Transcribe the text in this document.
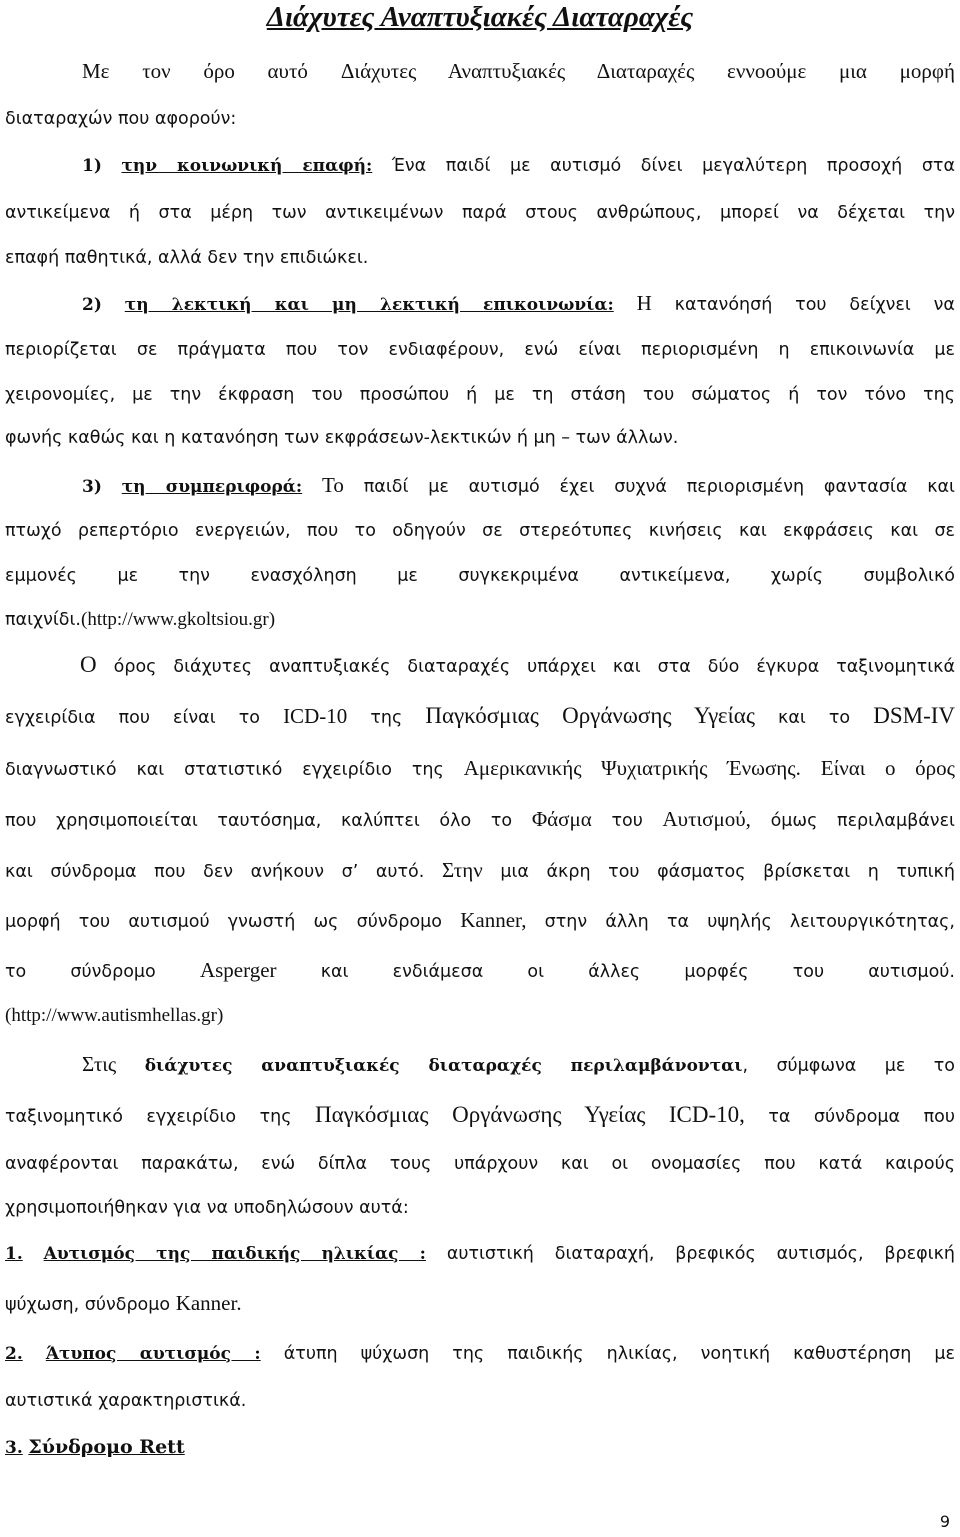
Διάχυτες Αναπτυξιακές Διαταραχές
Με τον όρο αυτό Διάχυτες Αναπτυξιακές Διαταραχές εννοούμε μια μορφή
διαταραχών που αφορούν:
1) την κοινωνική επαφή: Ένα παιδί με αυτισμό δίνει μεγαλύτερη προσοχή στα
αντικείμενα ή στα μέρη των αντικειμένων παρά στους ανθρώπους, μπορεί να δέχεται την
επαφή παθητικά, αλλά δεν την επιδιώκει.
2) τη λεκτική και μη λεκτική επικοινωνία: Η κατανόησή του δείχνει να
περιορίζεται σε πράγματα που τον ενδιαφέρουν, ενώ είναι περιορισμένη η επικοινωνία με
χειρονομίες, με την έκφραση του προσώπου ή με τη στάση του σώματος ή τον τόνο της
φωνής καθώς και η κατανόηση των εκφράσεων-λεκτικών ή μη – των άλλων.
3) τη συμπεριφορά: Το παιδί με αυτισμό έχει συχνά περιορισμένη φαντασία και
πτωχό ρεπερτόριο ενεργειών, που το οδηγούν σε στερεότυπες κινήσεις και εκφράσεις και σε
εμμονές με την ενασχόληση με συγκεκριμένα αντικείμενα, χωρίς συμβολικό
παιχνίδι.(http://www.gkoltsiou.gr)
Ο όρος διάχυτες αναπτυξιακές διαταραχές υπάρχει και στα δύο έγκυρα ταξινομητικά
εγχειρίδια που είναι το ICD-10 της Παγκόσμιας Οργάνωσης Υγείας και το DSM-IV
διαγνωστικό και στατιστικό εγχειρίδιο της Αμερικανικής Ψυχιατρικής Ένωσης. Είναι ο όρος
που χρησιμοποιείται ταυτόσημα, καλύπτει όλο το Φάσμα του Αυτισμού, όμως περιλαμβάνει
και σύνδρομα που δεν ανήκουν σ’ αυτό. Στην μια άκρη του φάσματος βρίσκεται η τυπική
μορφή του αυτισμού γνωστή ως σύνδρομο Kanner, στην άλλη τα υψηλής λειτουργικότητας,
το σύνδρομο Asperger	και ενδιάμεσα οι άλλες μορφές του αυτισμού.
(http://www.autismhellas.gr)
Στις διάχυτες αναπτυξιακές διαταραχές περιλαμβάνονται, σύμφωνα με το
ταξινομητικό εγχειρίδιο της Παγκόσμιας Οργάνωσης Υγείας ICD-10, τα σύνδρομα που
αναφέρονται παρακάτω, ενώ δίπλα τους υπάρχουν και οι ονομασίες που κατά καιρούς
χρησιμοποιήθηκαν για να υποδηλώσουν αυτά:
1. Αυτισμός της παιδικής ηλικίας : αυτιστική διαταραχή, βρεφικός αυτισμός, βρεφική
ψύχωση, σύνδρομο Kanner.
2. Άτυπος αυτισμός : άτυπη ψύχωση της παιδικής ηλικίας, νοητική καθυστέρηση με
αυτιστικά χαρακτηριστικά.
3. Σύνδρομο Rett
9
